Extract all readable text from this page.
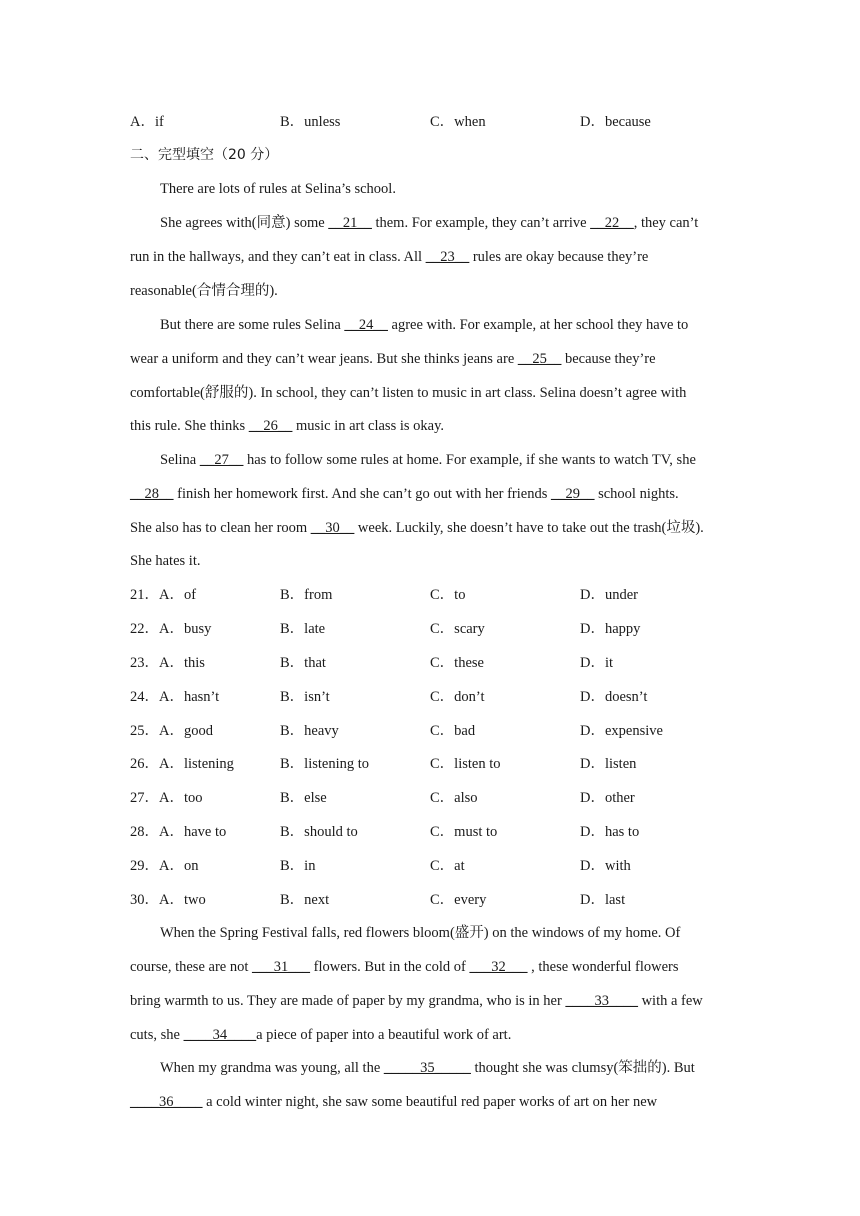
A．if	B．unless	C．when	D．because
二、完型填空（20 分）
There are lots of rules at Selina’s school.
She agrees with(同意) some __21__ them. For example, they can’t arrive __22__, they can’t
run in the hallways, and they can’t eat in class. All __23__ rules are okay because they’re
reasonable(合情合理的).
But there are some rules Selina __24__ agree with. For example, at her school they have to
wear a uniform and they can’t wear jeans. But she thinks jeans are __25__ because they’re
comfortable(舒服的). In school, they can’t listen to music in art class. Selina doesn’t agree with
this rule. She thinks __26__ music in art class is okay.
Selina __27__ has to follow some rules at home. For example, if she wants to watch TV, she
__28__ finish her homework first. And she can’t go out with her friends __29__ school nights.
She also has to clean her room __30__ week. Luckily, she doesn’t have to take out the trash(垃圾).
She hates it.
21．A．of	B．from	C．to	D．under
22．A．busy	B．late	C．scary	D．happy
23．A．this	B．that	C．these	D．it
24．A．hasn’t	B．isn’t	C．don’t	D．doesn’t
25．A．good	B．heavy	C．bad	D．expensive
26．A．listening	B．listening to	C．listen to	D．listen
27．A．too	B．else	C．also	D．other
28．A．have to	B．should to	C．must to	D．has to
29．A．on	B．in	C．at	D．with
30．A．two	B．next	C．every	D．last
When the Spring Festival falls, red flowers bloom(盛开) on the windows of my home. Of
course, these are not ___31___ flowers. But in the cold of ___32___ , these wonderful flowers
bring warmth to us. They are made of paper by my grandma, who is in her ____33____ with a few
cuts, she ____34____a piece of paper into a beautiful work of art.
When my grandma was young, all the _____35_____ thought she was clumsy(笨拙的). But
____36____ a cold winter night, she saw some beautiful red paper works of art on her new
